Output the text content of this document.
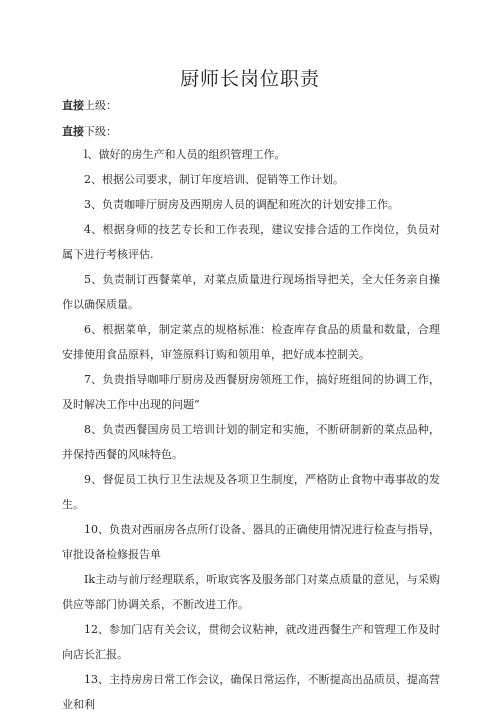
厨师长岗位职责
直接上级：
直接下级：

l、做好的房生产和人员的组织管理工作。

2、根据公司要求，制订年度培训、促销等工作计划。

3、负责咖啡厅厨房及西期房人员的调配和班次的计划安排工作。

4、根据身师的技艺专长和工作表现，建议安排合适的工作岗位，负员对属下进行考核评估.

5、负责制订西餐菜单，对菜点质量进行现场指导把关，全大任务亲自操作以确保质量。

6、根据菜单，制定菜点的规格标准：检查库存食品的质量和数量，合理安排使用食品原料，审签原料订购和领用单，把好成本控制关。

7、负贵指导咖啡厅厨房及西餐厨房领班工作，搞好班组间的协调工作，及时解决工作中出现的问题“

8、负责西餐国房员工培训计划的制定和实施，不断研制新的菜点品种，并保持西餐的风味特色。

9、督促员工执行卫生法规及各项卫生制度，严格防止食物中毒事故的发生。

10、负贵对西丽房各点所仃设备、器具的正确使用情况进行检查与指导，审批设备检修报告单

Ik主动与前厅经理联系，听取宾客及服务部门对菜点质量的意见，与采购供应等部门协调关系，不断改进工作。

12、参加门店有关会议，贯彻会议粘神，就改进西餐生产和管理工作及时向店长汇报。

13、主持房房日常工作会议，确保日常运作，不断提高出品质员、提高营业和利
